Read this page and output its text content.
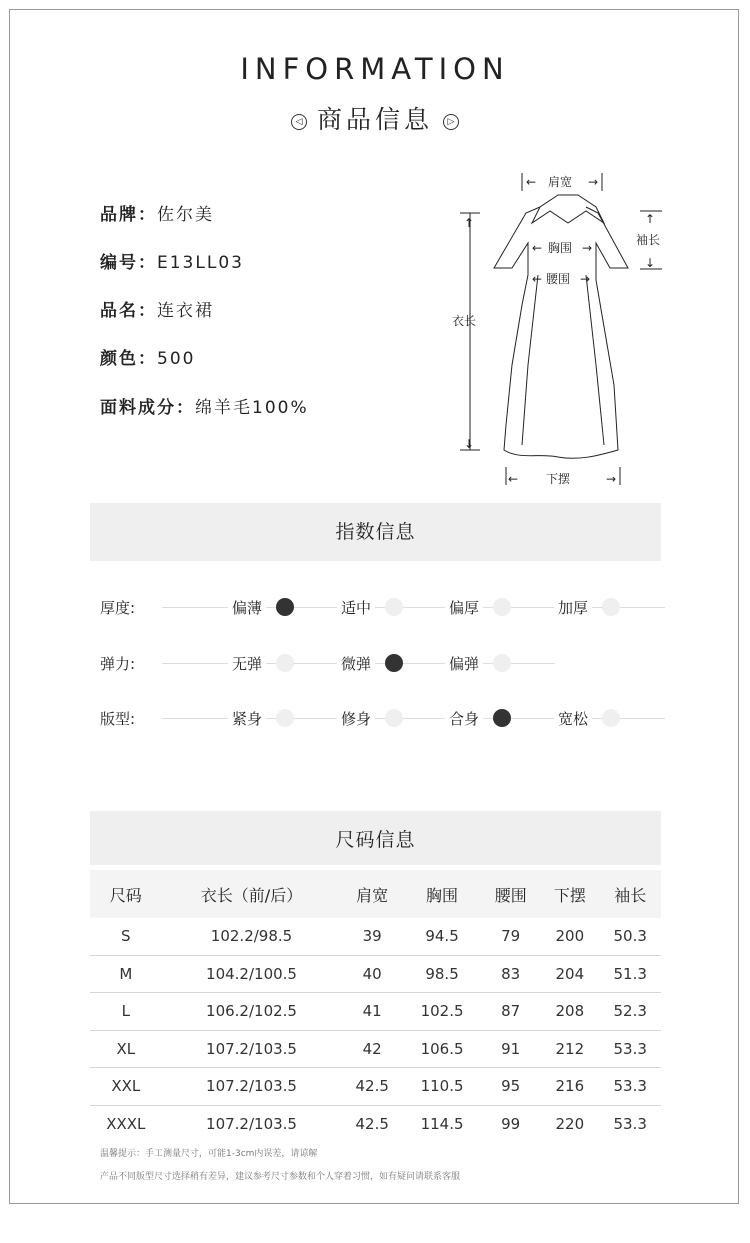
INFORMATION
◁ 商品信息 ▷
品牌：佐尔美
编号：E13LL03
品名：连衣裙
颜色：500
面料成分：绵羊毛100%
← 肩宽 →
袖长
↑
↓
胸围
←	→
腰围
←	→
衣长
↑
↓
下摆
←	→
指数信息
厚度:	偏薄	适中	偏厚	加厚
弹力:	无弹	微弹	偏弹
版型:	紧身	修身	合身	宽松
尺码信息
尺码	衣长（前/后）	肩宽	胸围	腰围	下摆	袖长
S	102.2/98.5	39	94.5	79	200	50.3
M	104.2/100.5	40	98.5	83	204	51.3
L	106.2/102.5	41	102.5	87	208	52.3
XL	107.2/103.5	42	106.5	91	212	53.3
XXL	107.2/103.5	42.5	110.5	95	216	53.3
XXXL	107.2/103.5	42.5	114.5	99	220	53.3
温馨提示：手工测量尺寸，可能1-3cm内误差，请谅解
产品不同版型尺寸选择稍有差异，建议参考尺寸参数和个人穿着习惯，如有疑问请联系客服
